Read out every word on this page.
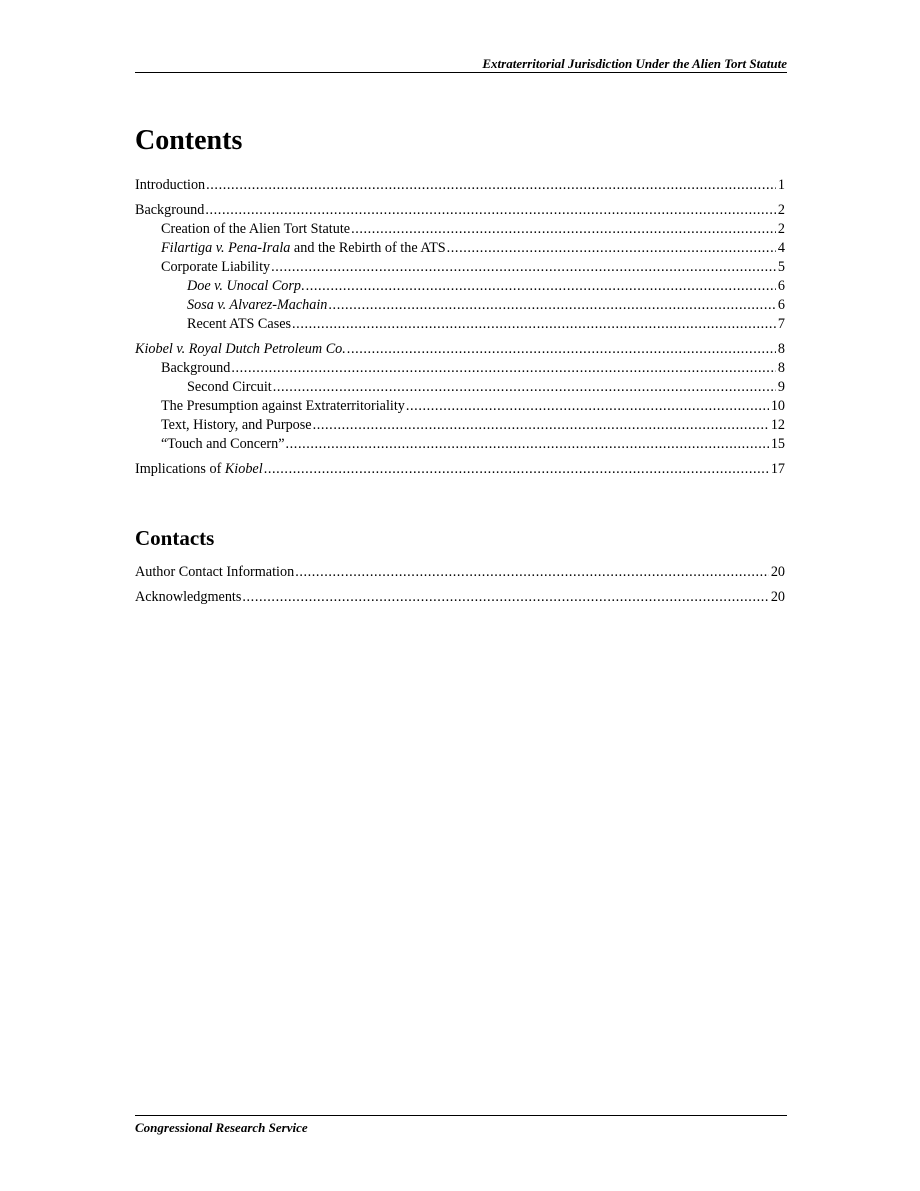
Extraterritorial Jurisdiction Under the Alien Tort Statute
Contents
Introduction .....	1
Background .....	2
Creation of the Alien Tort Statute .....	2
Filartiga v. Pena-Irala and the Rebirth of the ATS .....	4
Corporate Liability .....	5
Doe v. Unocal Corp. .....	6
Sosa v. Alvarez-Machain .....	6
Recent ATS Cases .....	7
Kiobel v. Royal Dutch Petroleum Co. .....	8
Background .....	8
Second Circuit .....	9
The Presumption against Extraterritoriality .....	10
Text, History, and Purpose .....	12
“Touch and Concern” .....	15
Implications of Kiobel .....	17
Contacts
Author Contact Information .....	20
Acknowledgments .....	20
Congressional Research Service
